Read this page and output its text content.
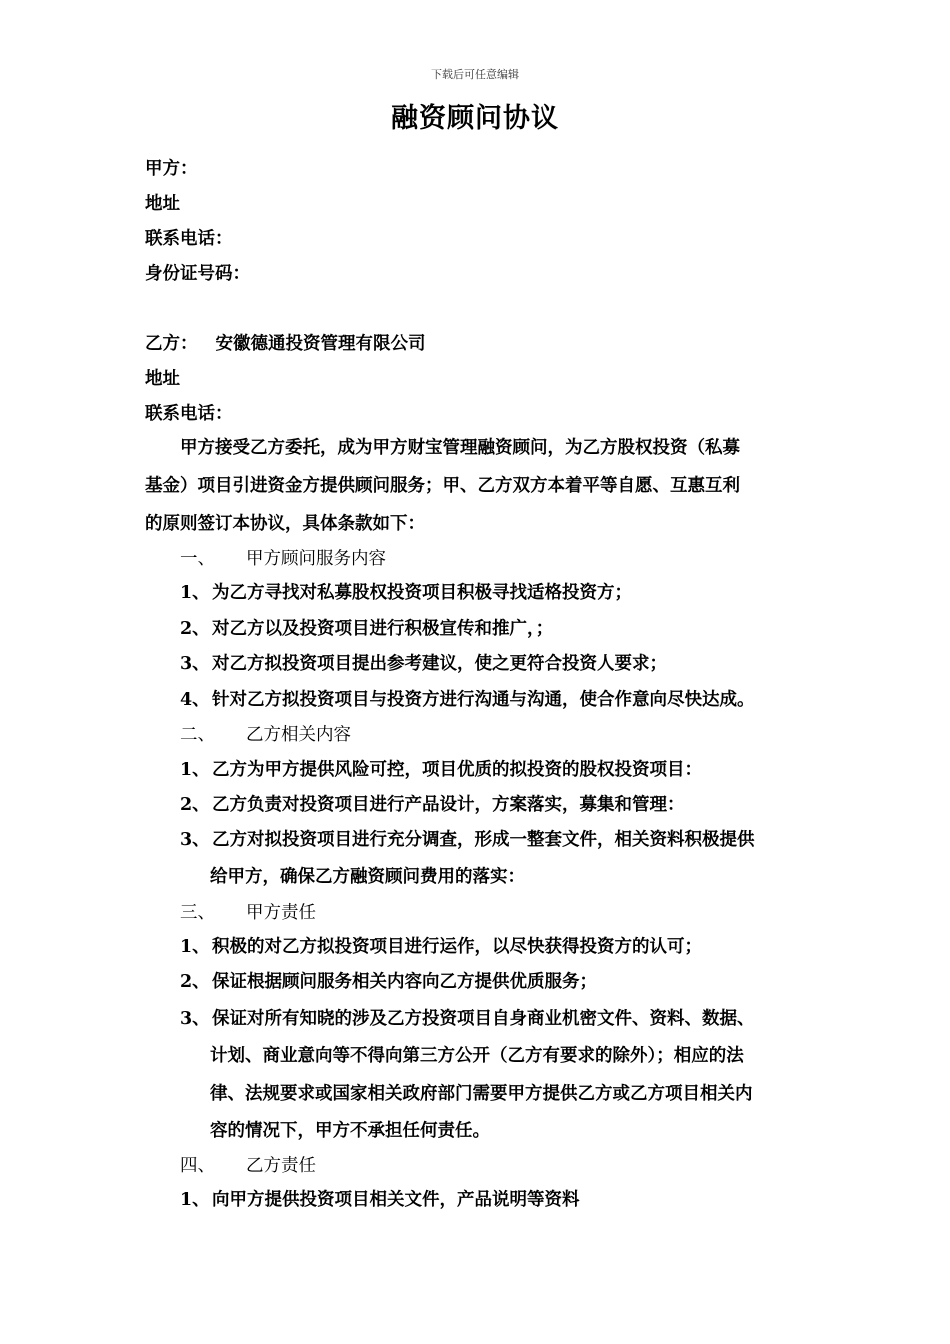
下载后可任意编辑
融资顾问协议
甲方：
地址
联系电话：
身份证号码：
乙方： 安徽德通投资管理有限公司
地址
联系电话：
甲方接受乙方委托，成为甲方财宝管理融资顾问，为乙方股权投资（私募
基金）项目引进资金方提供顾问服务；甲、乙方双方本着平等自愿、互惠互利
的原则签订本协议，具体条款如下：
一、 甲方顾问服务内容
1、 为乙方寻找对私募股权投资项目积极寻找适格投资方；
2、 对乙方以及投资项目进行积极宣传和推广，；
3、 对乙方拟投资项目提出参考建议，使之更符合投资人要求；
4、 针对乙方拟投资项目与投资方进行沟通与沟通，使合作意向尽快达成。
二、 乙方相关内容
1、 乙方为甲方提供风险可控，项目优质的拟投资的股权投资项目：
2、 乙方负责对投资项目进行产品设计，方案落实，募集和管理：
3、 乙方对拟投资项目进行充分调查，形成一整套文件，相关资料积极提供
给甲方，确保乙方融资顾问费用的落实：
三、 甲方责任
1、 积极的对乙方拟投资项目进行运作，以尽快获得投资方的认可；
2、 保证根据顾问服务相关内容向乙方提供优质服务；
3、 保证对所有知晓的涉及乙方投资项目自身商业机密文件、资料、数据、
计划、商业意向等不得向第三方公开（乙方有要求的除外）；相应的法
律、法规要求或国家相关政府部门需要甲方提供乙方或乙方项目相关内
容的情况下，甲方不承担任何责任。
四、 乙方责任
1、 向甲方提供投资项目相关文件，产品说明等资料
